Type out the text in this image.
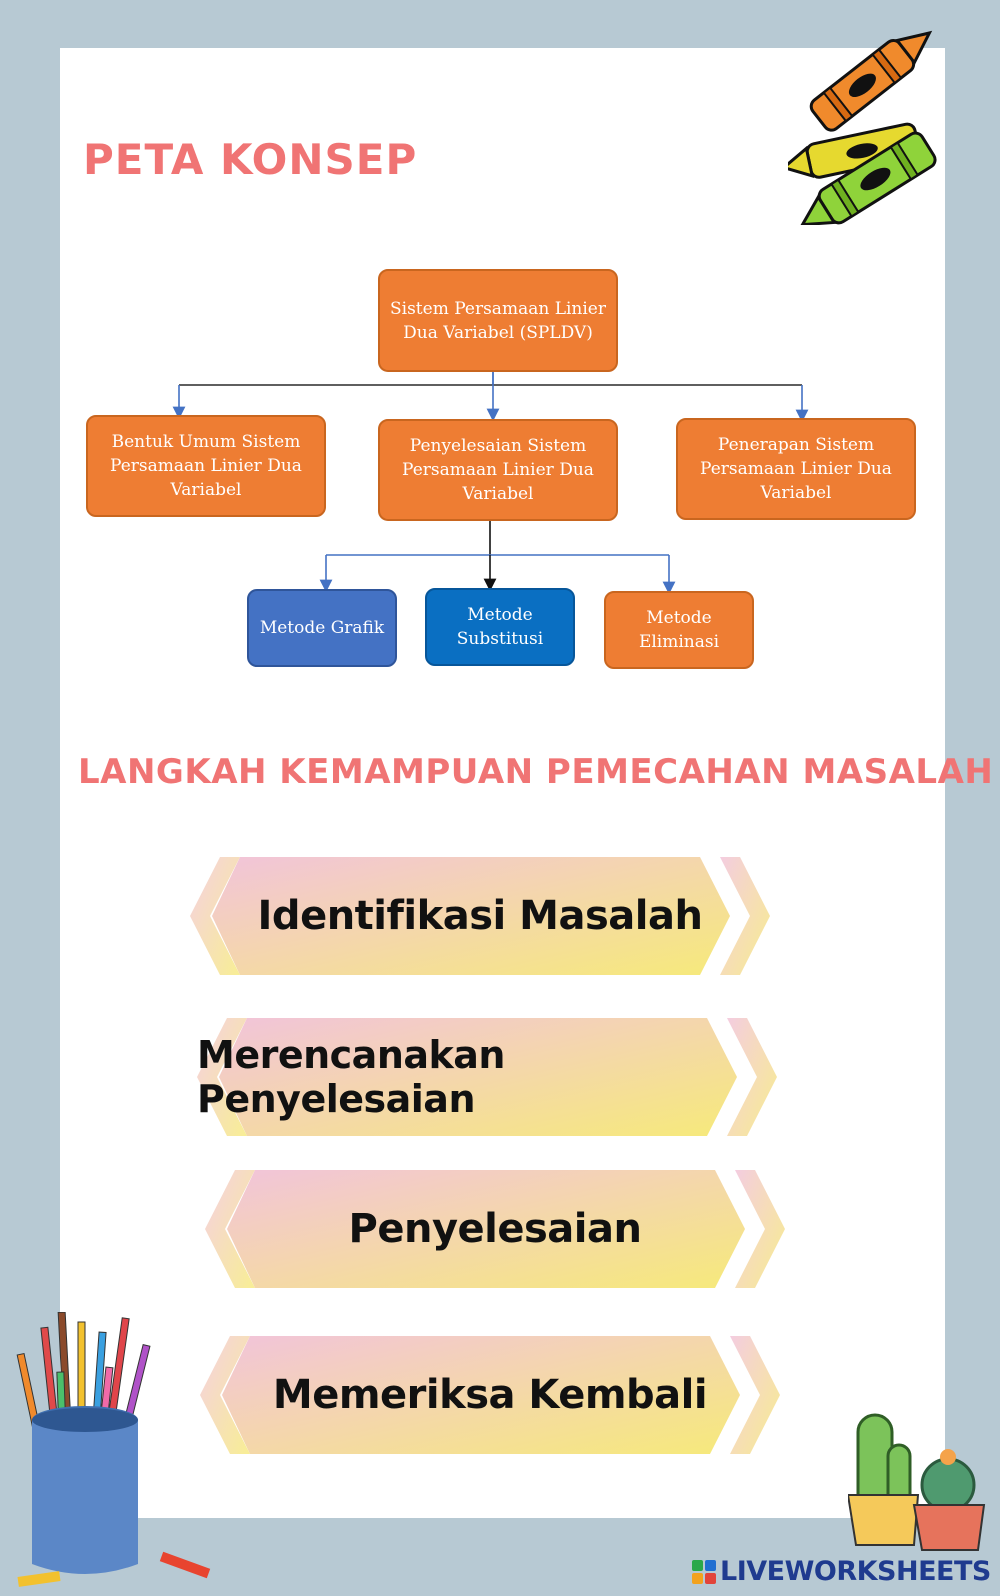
PETA KONSEP
Sistem Persamaan Linier Dua Variabel (SPLDV)
Bentuk Umum Sistem Persamaan Linier Dua Variabel
Penyelesaian Sistem Persamaan Linier Dua Variabel
Penerapan Sistem Persamaan Linier Dua Variabel
Metode Grafik
Metode Substitusi
Metode Eliminasi
LANGKAH KEMAMPUAN PEMECAHAN MASALAH
Identifikasi Masalah
Merencanakan Penyelesaian
Penyelesaian
Memeriksa Kembali
LIVEWORKSHEETS
